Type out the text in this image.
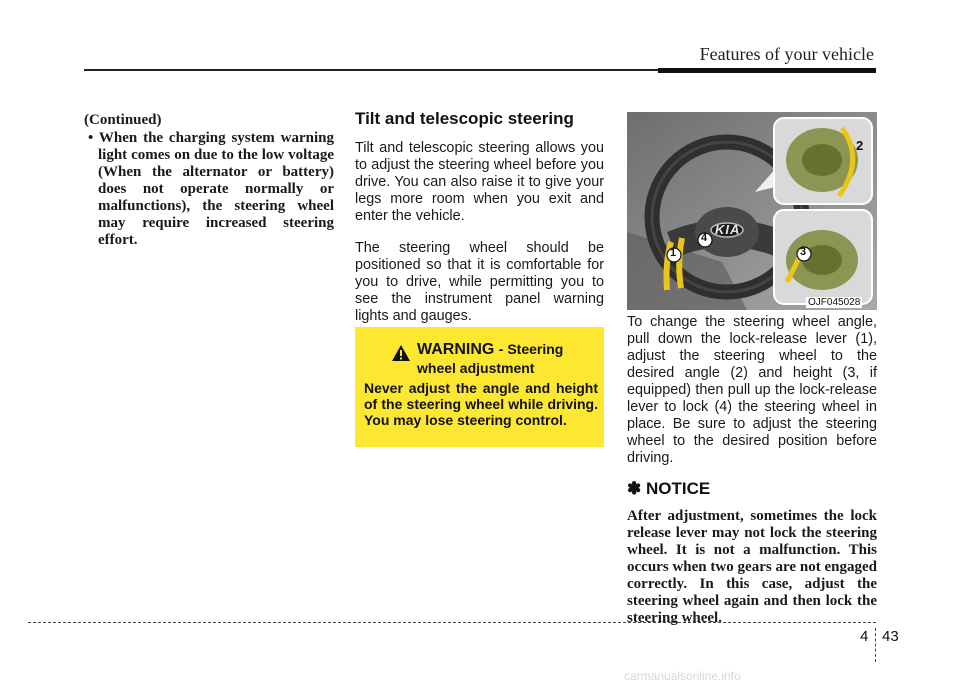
Features of your vehicle
(Continued)
• When the charging system warning light comes on due to the low voltage (When the alternator or battery) does not operate normally or malfunctions), the steering wheel may require increased steering effort.
Tilt and telescopic steering

Tilt and telescopic steering allows you to adjust the steering wheel before you drive. You can also raise it to give your legs more room when you exit and enter the vehicle.

The steering wheel should be positioned so that it is comfortable for you to drive, while permitting you to see the instrument panel warning lights and gauges.

WARNING - Steering
wheel adjustment
Never adjust the angle and height of the steering wheel while driving. You may lose steering control.
KIA
1
2
3
4
OJF045028

To change the steering wheel angle, pull down the lock-release lever (1), adjust the steering wheel to the desired angle (2) and height (3, if equipped) then pull up the lock-release lever to lock (4) the steering wheel in place. Be sure to adjust the steering wheel to the desired position before driving.

✽ NOTICE
After adjustment, sometimes the lock release lever may not lock the steering wheel. It is not a malfunction. This occurs when two gears are not engaged correctly. In this case, adjust the steering wheel again and then lock the steering wheel.
4 43
carmanualsonline.info
